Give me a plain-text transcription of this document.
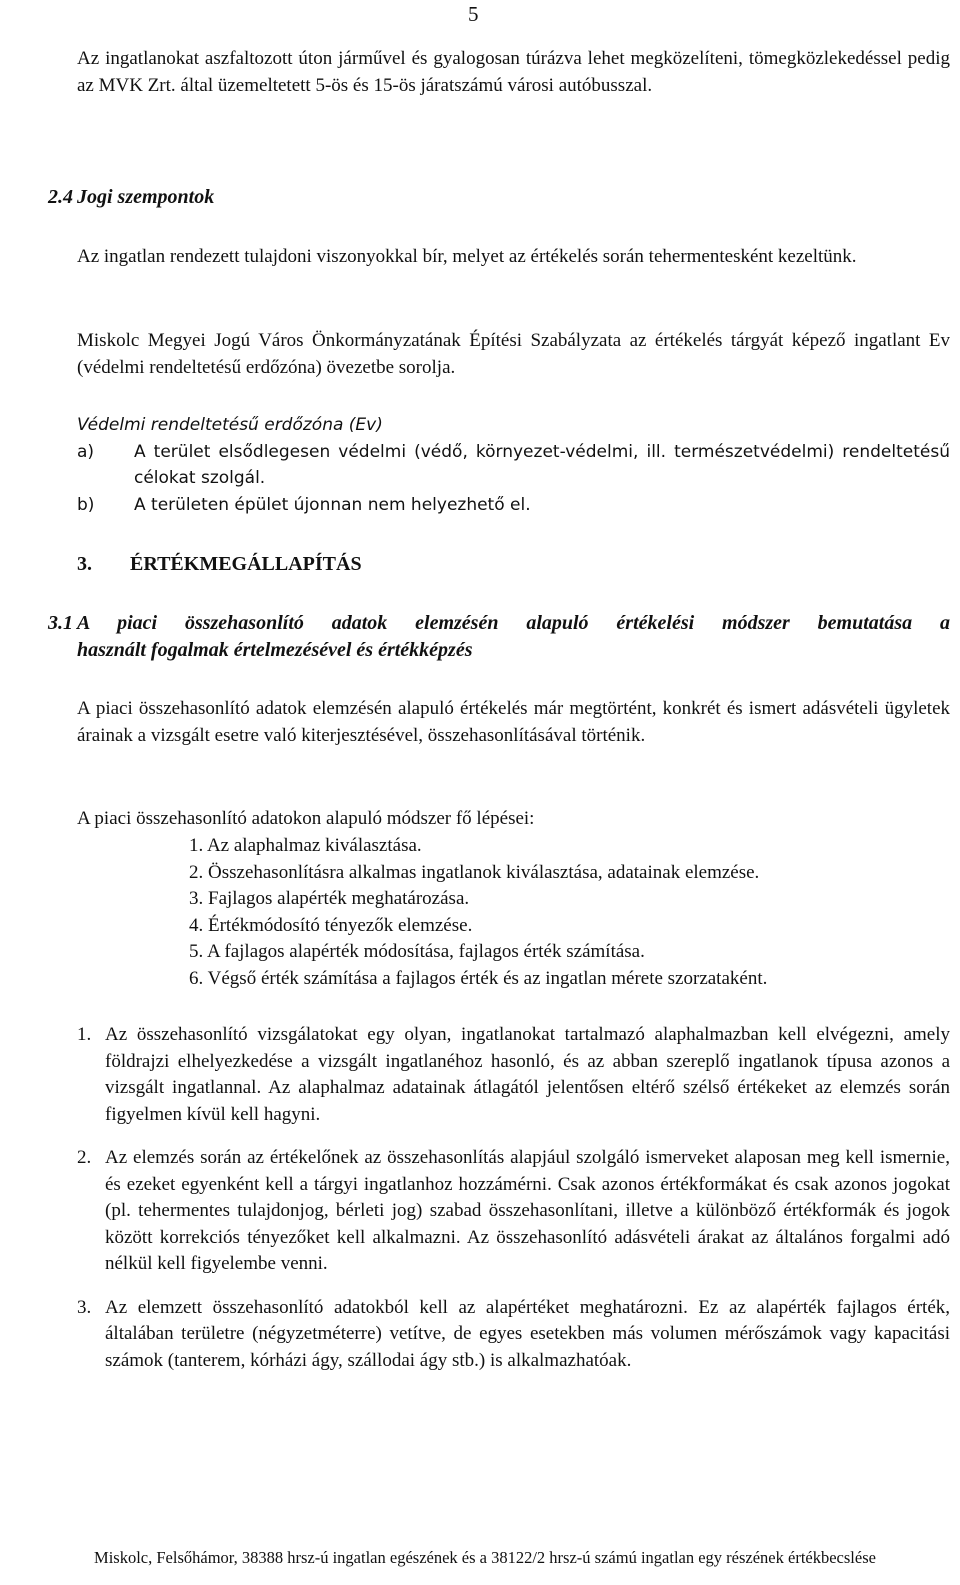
5

Az ingatlanokat aszfaltozott úton járművel és gyalogosan túrázva lehet megközelíteni, tömegközlekedéssel pedig az MVK Zrt. által üzemeltetett 5-ös és 15-ös járatszámú városi autóbusszal.

2.4 Jogi szempontok

Az ingatlan rendezett tulajdoni viszonyokkal bír, melyet az értékelés során tehermentesként kezeltünk.

Miskolc Megyei Jogú Város Önkormányzatának Építési Szabályzata az értékelés tárgyát képező ingatlant Ev (védelmi rendeltetésű erdőzóna) övezetbe sorolja.

Védelmi rendeltetésű erdőzóna (Ev)
a) A terület elsődlegesen védelmi (védő, környezet-védelmi, ill. természetvédelmi) rendeltetésű célokat szolgál.
b) A területen épület újonnan nem helyezhető el.
3. ÉRTÉKMEGÁLLAPÍTÁS
3.1 A piaci összehasonlító adatok elemzésén alapuló értékelési módszer bemutatása a
használt fogalmak értelmezésével és értékképzés

A piaci összehasonlító adatok elemzésén alapuló értékelés már megtörtént, konkrét és ismert adásvételi ügyletek árainak a vizsgált esetre való kiterjesztésével, összehasonlításával történik.

A piaci összehasonlító adatokon alapuló módszer fő lépései:

1. Az alaphalmaz kiválasztása.
2. Összehasonlításra alkalmas ingatlanok kiválasztása, adatainak elemzése.
3. Fajlagos alapérték meghatározása.
4. Értékmódosító tényezők elemzése.
5. A fajlagos alapérték módosítása, fajlagos érték számítása.
6. Végső érték számítása a fajlagos érték és az ingatlan mérete szorzataként.
1. Az összehasonlító vizsgálatokat egy olyan, ingatlanokat tartalmazó alaphalmazban kell elvégezni, amely földrajzi elhelyezkedése a vizsgált ingatlanéhoz hasonló, és az abban szereplő ingatlanok típusa azonos a vizsgált ingatlannal. Az alaphalmaz adatainak átlagától jelentősen eltérő szélső értékeket az elemzés során figyelmen kívül kell hagyni.
2. Az elemzés során az értékelőnek az összehasonlítás alapjául szolgáló ismerveket alaposan meg kell ismernie, és ezeket egyenként kell a tárgyi ingatlanhoz hozzámérni. Csak azonos értékformákat és csak azonos jogokat (pl. tehermentes tulajdonjog, bérleti jog) szabad összehasonlítani, illetve a különböző értékformák és jogok között korrekciós tényezőket kell alkalmazni. Az összehasonlító adásvételi árakat az általános forgalmi adó nélkül kell figyelembe venni.
3. Az elemzett összehasonlító adatokból kell az alapértéket meghatározni. Ez az alapérték fajlagos érték, általában területre (négyzetméterre) vetítve, de egyes esetekben más volumen mérőszámok vagy kapacitási számok (tanterem, kórházi ágy, szállodai ágy stb.) is alkalmazhatóak.
Miskolc, Felsőhámor, 38388 hrsz-ú ingatlan egészének és a 38122/2 hrsz-ú számú ingatlan egy részének értékbecslése
